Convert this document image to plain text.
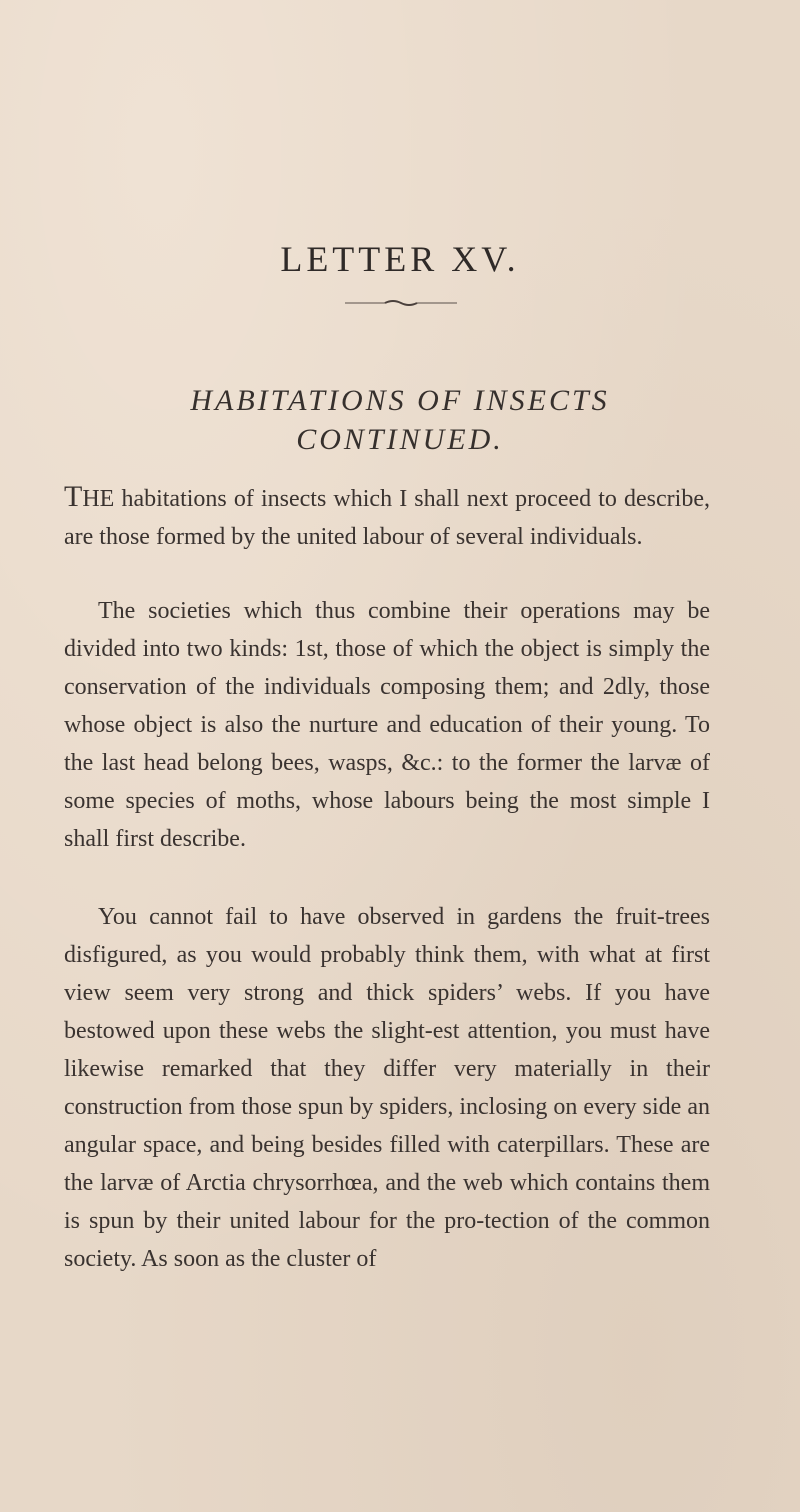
LETTER XV.
HABITATIONS OF INSECTS
CONTINUED.

THE habitations of insects which I shall next proceed to describe, are those formed by the united labour of several individuals.

The societies which thus combine their operations may be divided into two kinds: 1st, those of which the object is simply the conservation of the individuals composing them; and 2dly, those whose object is also the nurture and education of their young. To the last head belong bees, wasps, &c.: to the former the larvæ of some species of moths, whose labours being the most simple I shall first describe.

You cannot fail to have observed in gardens the fruit-trees disfigured, as you would probably think them, with what at first view seem very strong and thick spiders’ webs. If you have bestowed upon these webs the slight-est attention, you must have likewise remarked that they differ very materially in their construction from those spun by spiders, inclosing on every side an angular space, and being besides filled with caterpillars. These are the larvæ of Arctia chrysorrhœa, and the web which contains them is spun by their united labour for the pro-tection of the common society. As soon as the cluster of
